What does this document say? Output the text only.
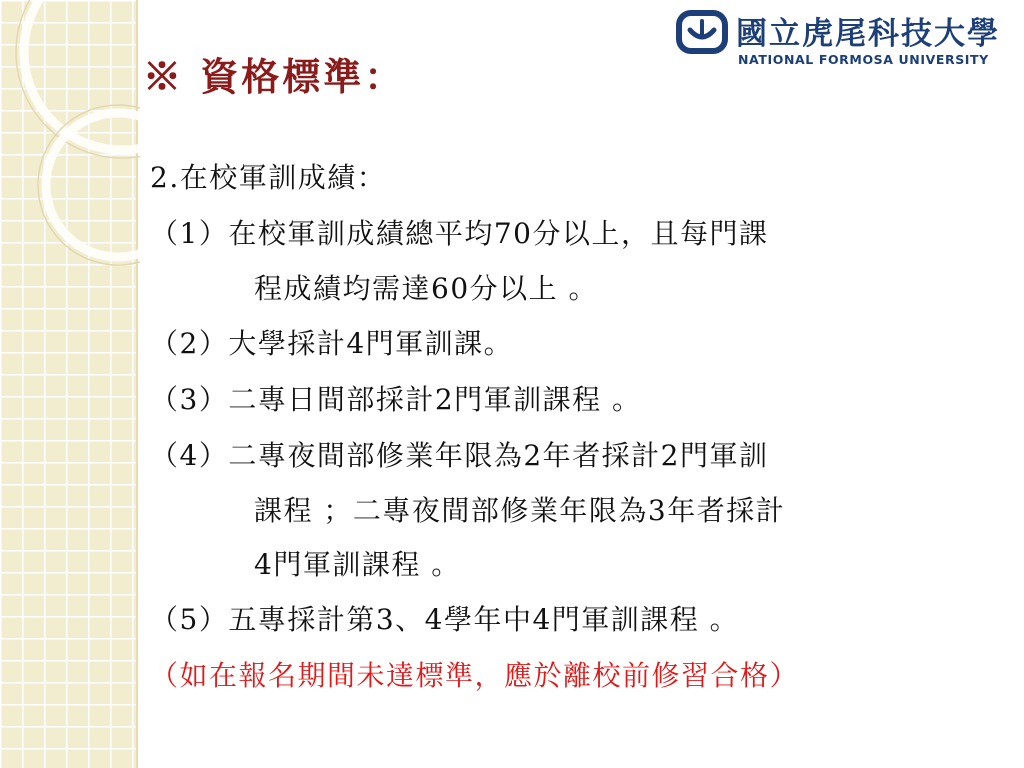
國立虎尾科技大學
NATIONAL FORMOSA UNIVERSITY
※ 資格標準：
2.在校軍訓成績：
（1）在校軍訓成績總平均70分以上，且每門課
程成績均需達60分以上 。
（2）大學採計4門軍訓課。
（3）二專日間部採計2門軍訓課程 。
（4）二專夜間部修業年限為2年者採計2門軍訓
課程 ；二專夜間部修業年限為3年者採計
4門軍訓課程 。
（5）五專採計第3、4學年中4門軍訓課程 。
（如在報名期間未達標準，應於離校前修習合格）
